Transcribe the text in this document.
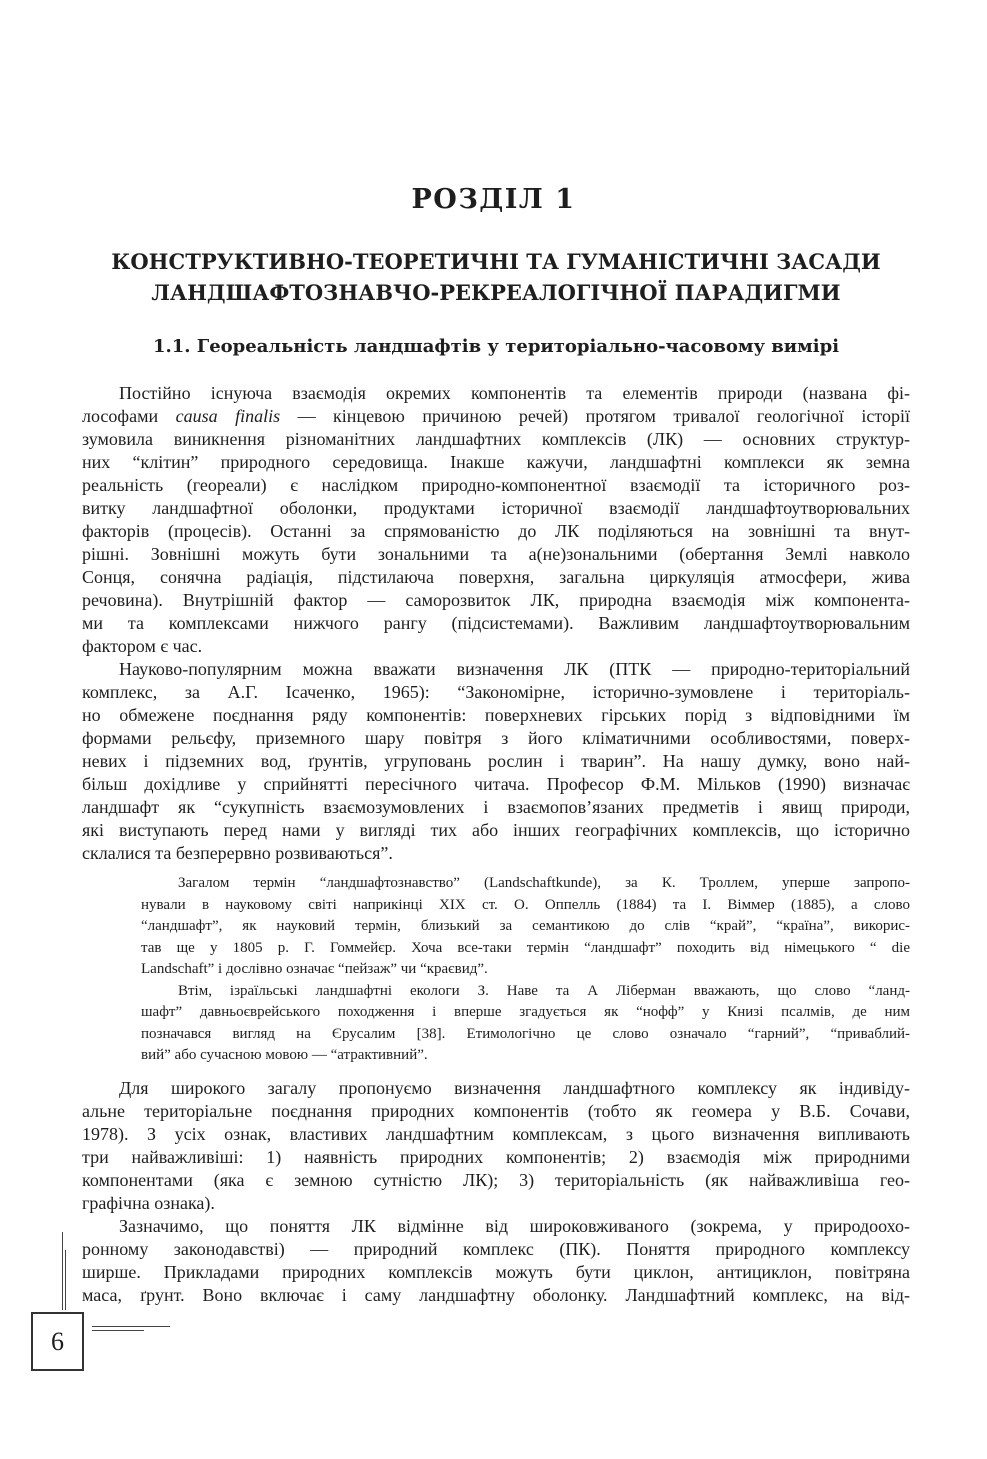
РОЗДІЛ 1
КОНСТРУКТИВНО-ТЕОРЕТИЧНІ ТА ГУМАНІСТИЧНІ ЗАСАДИ
ЛАНДШАФТОЗНАВЧО-РЕКРЕАЛОГІЧНОЇ ПАРАДИГМИ
1.1. Геореальність ландшафтів у територіально-часовому вимірі
Постійно існуюча взаємодія окремих компонентів та елементів природи (названа фі-
лософами causa finalis — кінцевою причиною речей) протягом тривалої геологічної історії
зумовила виникнення різноманітних ландшафтних комплексів (ЛК) — основних структур-
них “клітин” природного середовища. Інакше кажучи, ландшафтні комплекси як земна
реальність (георeали) є наслідком природно-компонентної взаємодії та історичного роз-
витку ландшафтної оболонки, продуктами історичної взаємодії ландшафтоутворювальних
факторів (процесів). Останні за спрямованістю до ЛК поділяються на зовнішні та внут-
рішні. Зовнішні можуть бути зональними та а(не)зональними (обертання Землі навколо
Сонця, сонячна радіація, підстилаюча поверхня, загальна циркуляція атмосфери, жива
речовина). Внутрішній фактор — саморозвиток ЛК, природна взаємодія між компонента-
ми та комплексами нижчого рангу (підсистемами). Важливим ландшафтоутворювальним
фактором є час.
Науково-популярним можна вважати визначення ЛК (ПТК — природно-територіальний
комплекс, за А.Г. Ісаченко, 1965): “Закономірне, історично-зумовлене і територіаль-
но обмежене поєднання ряду компонентів: поверхневих гірських порід з відповідними їм
формами рельєфу, приземного шару повітря з його кліматичними особливостями, поверх-
невих і підземних вод, ґрунтів, угруповань рослин і тварин”. На нашу думку, воно най-
більш дохідливе у сприйнятті пересічного читача. Професор Ф.М. Мільков (1990) визначає
ландшафт як “сукупність взаємозумовлених і взаємопов’язаних предметів і явищ природи,
які виступають перед нами у вигляді тих або інших географічних комплексів, що історично
склалися та безперервно розвиваються”.
Загалом термін “ландшафтознавство” (Landschaftkunde), за К. Троллем, уперше запропо-
нували в науковому світі наприкінці XIX ст. О. Оппелль (1884) та І. Віммер (1885), а слово
“ландшафт”, як науковий термін, близький за семантикою до слів “край”, “країна”, викорис-
тав ще у 1805 р. Г. Гоммейєр. Хоча все-таки термін “ландшафт” походить від німецького “ die
Landschaft” і дослівно означає “пейзаж” чи “краєвид”.
Втім, ізраїльські ландшафтні екологи З. Наве та А Ліберман вважають, що слово “ланд-
шафт” давньоєврейського походження і вперше згадується як “нофф” у Книзі псалмів, де ним
позначався вигляд на Єрусалим [38]. Етимологічно це слово означало “гарний”, “приваблий-
вий” або сучасною мовою — “атрактивний”.
Для широкого загалу пропонуємо визначення ландшафтного комплексу як індивіду-
альне територіальне поєднання природних компонентів (тобто як геомера у В.Б. Сочави,
1978). З усіх ознак, властивих ландшафтним комплексам, з цього визначення випливають
три найважливіші: 1) наявність природних компонентів; 2) взаємодія між природними
компонентами (яка є земною сутністю ЛК); 3) територіальність (як найважливіша гео-
графічна ознака).
Зазначимо, що поняття ЛК відмінне від широковживаного (зокрема, у природоохо-
ронному законодавстві) — природний комплекс (ПК). Поняття природного комплексу
ширше. Прикладами природних комплексів можуть бути циклон, антициклон, повітряна
маса, ґрунт. Воно включає і саму ландшафтну оболонку. Ландшафтний комплекс, на від-
6
